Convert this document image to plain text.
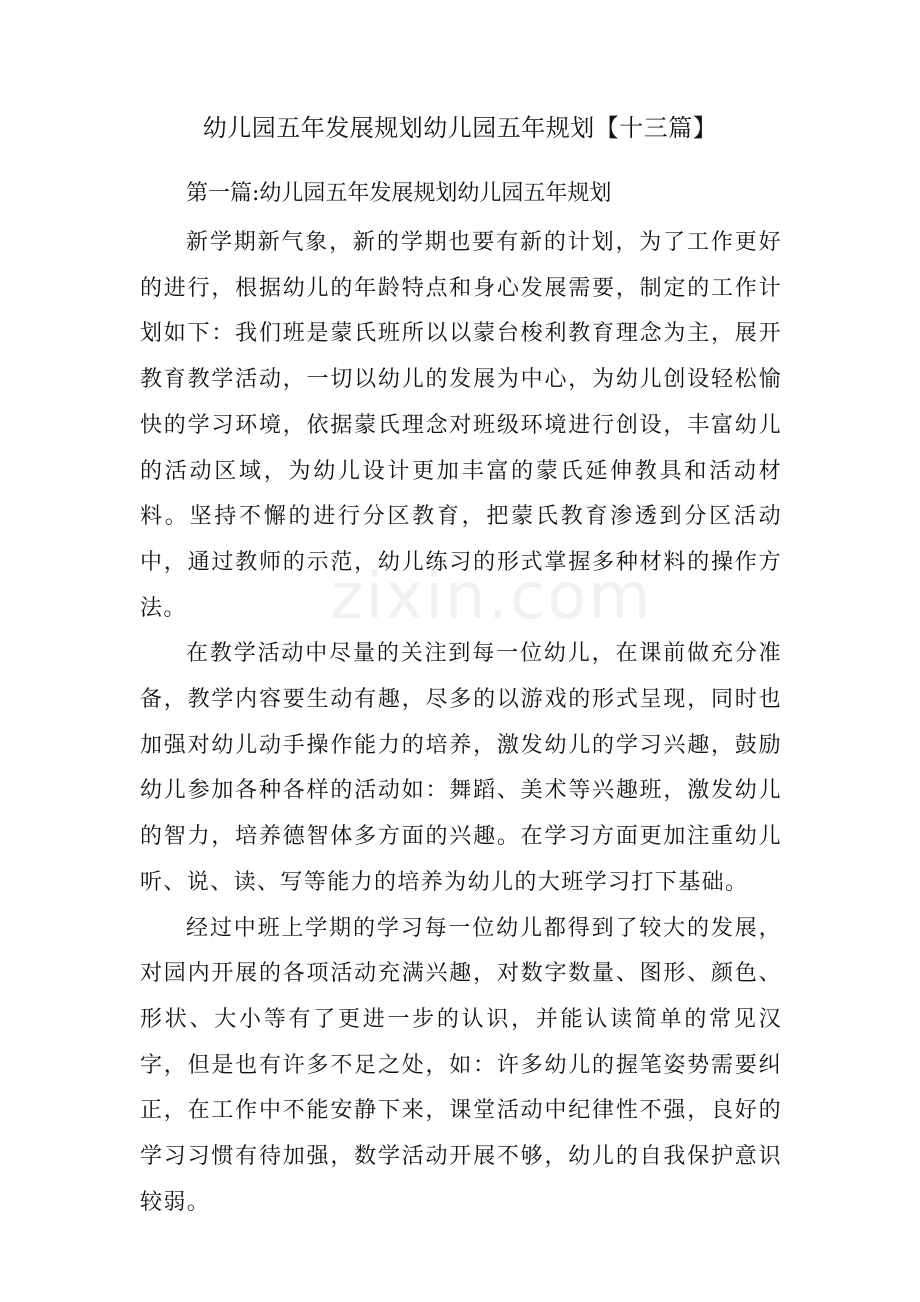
幼儿园五年发展规划幼儿园五年规划【十三篇】
第一篇:幼儿园五年发展规划幼儿园五年规划

新学期新气象，新的学期也要有新的计划，为了工作更好的进行，根据幼儿的年龄特点和身心发展需要，制定的工作计划如下：我们班是蒙氏班所以以蒙台梭利教育理念为主，展开教育教学活动，一切以幼儿的发展为中心，为幼儿创设轻松愉快的学习环境，依据蒙氏理念对班级环境进行创设，丰富幼儿的活动区域，为幼儿设计更加丰富的蒙氏延伸教具和活动材料。坚持不懈的进行分区教育，把蒙氏教育渗透到分区活动中，通过教师的示范，幼儿练习的形式掌握多种材料的操作方法。

在教学活动中尽量的关注到每一位幼儿，在课前做充分准备，教学内容要生动有趣，尽多的以游戏的形式呈现，同时也加强对幼儿动手操作能力的培养，激发幼儿的学习兴趣，鼓励幼儿参加各种各样的活动如：舞蹈、美术等兴趣班，激发幼儿的智力，培养德智体多方面的兴趣。在学习方面更加注重幼儿听、说、读、写等能力的培养为幼儿的大班学习打下基础。

经过中班上学期的学习每一位幼儿都得到了较大的发展，对园内开展的各项活动充满兴趣，对数字数量、图形、颜色、形状、大小等有了更进一步的认识，并能认读简单的常见汉字，但是也有许多不足之处，如：许多幼儿的握笔姿势需要纠正，在工作中不能安静下来，课堂活动中纪律性不强，良好的学习习惯有待加强，数学活动开展不够，幼儿的自我保护意识较弱。

zixin.com
